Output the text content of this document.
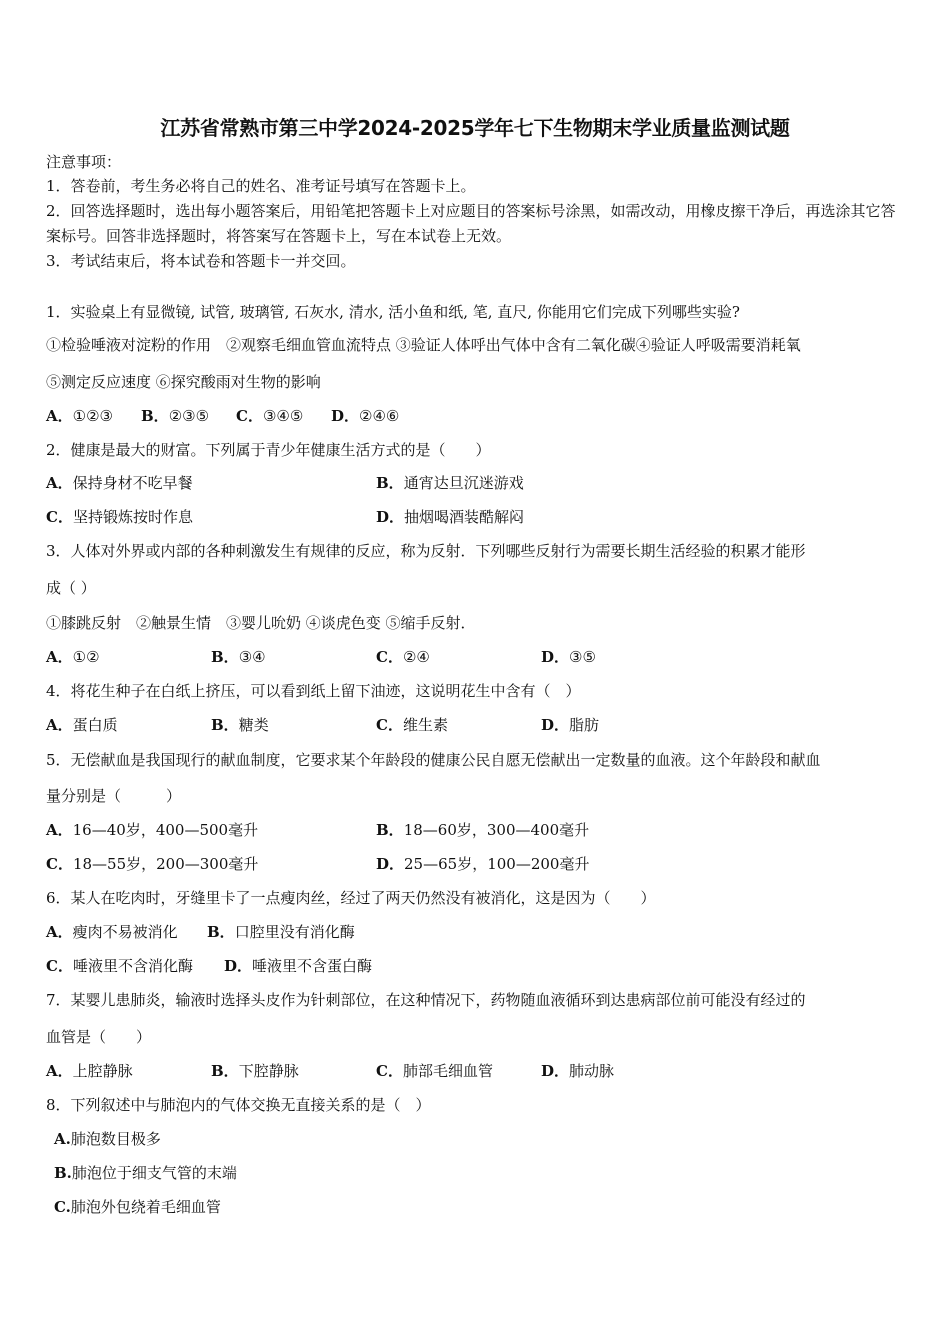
江苏省常熟市第三中学2024-2025学年七下生物期末学业质量监测试题
注意事项：
1．答卷前，考生务必将自己的姓名、准考证号填写在答题卡上。
2．回答选择题时，选出每小题答案后，用铅笔把答题卡上对应题目的答案标号涂黑，如需改动，用橡皮擦干净后，再选涂其它答案标号。回答非选择题时，将答案写在答题卡上，写在本试卷上无效。
3．考试结束后，将本试卷和答题卡一并交回。
1．实验桌上有显微镜, 试管, 玻璃管, 石灰水, 清水, 活小鱼和纸, 笔, 直尺, 你能用它们完成下列哪些实验?
①检验唾液对淀粉的作用　②观察毛细血管血流特点 ③验证人体呼出气体中含有二氧化碳④验证人呼吸需要消耗氧
⑤测定反应速度 ⑥探究酸雨对生物的影响
A．①②③ B．②③⑤ C．③④⑤ D．②④⑥
2．健康是最大的财富。下列属于青少年健康生活方式的是（　　）
A．保持身材不吃早餐	B．通宵达旦沉迷游戏
C．坚持锻炼按时作息	D．抽烟喝酒装酷解闷
3．人体对外界或内部的各种刺激发生有规律的反应，称为反射．下列哪些反射行为需要长期生活经验的积累才能形
成（ ）
①膝跳反射　②触景生情　③婴儿吮奶 ④谈虎色变 ⑤缩手反射．
A．①②	B．③④	C．②④	D．③⑤
4．将花生种子在白纸上挤压，可以看到纸上留下油迹，这说明花生中含有（　）
A．蛋白质	B．糖类	C．维生素	D．脂肪
5．无偿献血是我国现行的献血制度，它要求某个年龄段的健康公民自愿无偿献出一定数量的血液。这个年龄段和献血
量分别是（　　　）
A．16—40岁，400—500毫升	B．18—60岁，300—400毫升
C．18—55岁，200—300毫升	D．25—65岁，100—200毫升
6．某人在吃肉时，牙缝里卡了一点瘦肉丝，经过了两天仍然没有被消化，这是因为（　　）
A．瘦肉不易被消化 B．口腔里没有消化酶
C．唾液里不含消化酶 D．唾液里不含蛋白酶
7．某婴儿患肺炎，输液时选择头皮作为针刺部位，在这种情况下，药物随血液循环到达患病部位前可能没有经过的
血管是（　　）
A．上腔静脉	B．下腔静脉	C．肺部毛细血管	D．肺动脉
8．下列叙述中与肺泡内的气体交换无直接关系的是（　）
A.肺泡数目极多
B.肺泡位于细支气管的末端
C.肺泡外包绕着毛细血管
